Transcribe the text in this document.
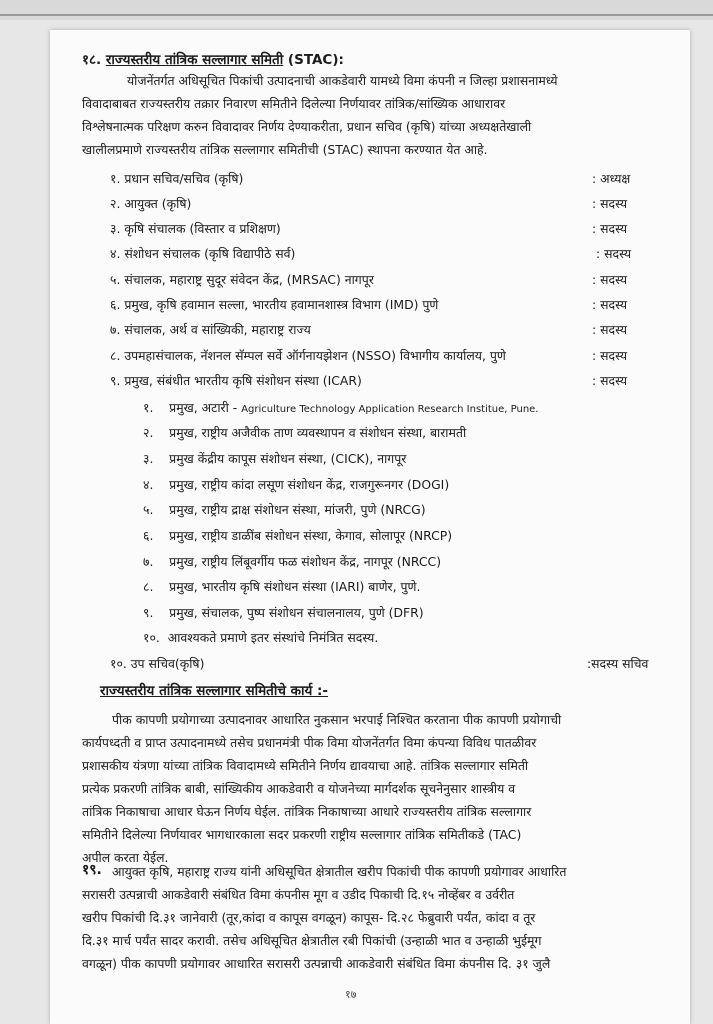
१८. राज्यस्तरीय तांत्रिक सल्लागार समिती (STAC):
योजनेंतर्गत अधिसूचित पिकांची उत्पादनाची आकडेवारी यामध्ये विमा कंपनी न जिल्हा प्रशासनामध्ये
विवादाबाबत राज्यस्तरीय तक्रार निवारण समितीने दिलेल्या निर्णयावर तांत्रिक/सांख्यिक आधारावर
विश्लेषनात्मक परिक्षण करुन विवादावर निर्णय देण्याकरीता, प्रधान सचिव (कृषि) यांच्या अध्यक्षतेखाली
खालीलप्रमाणे राज्यस्तरीय तांत्रिक सल्लागार समितीची (STAC) स्थापना करण्यात येत आहे.
१. प्रधान सचिव/सचिव (कृषि)	: अध्यक्ष
२. आयुक्त (कृषि)	: सदस्य
३. कृषि संचालक (विस्तार व प्रशिक्षण)	: सदस्य
४. संशोधन संचालक (कृषि विद्यापीठे सर्व)	: सदस्य
५. संचालक, महाराष्ट्र सुदूर संवेदन केंद्र, (MRSAC) नागपूर	: सदस्य
६. प्रमुख, कृषि हवामान सल्ला, भारतीय हवामानशास्त्र विभाग (IMD) पुणे	: सदस्य
७. संचालक, अर्थ व सांख्यिकी, महाराष्ट्र राज्य	: सदस्य
८. उपमहासंचालक, नॅशनल सॅम्पल सर्वे ऑर्गनायझेशन (NSSO) विभागीय कार्यालय, पुणे	: सदस्य
९. प्रमुख, संबंधीत भारतीय कृषि संशोधन संस्था (ICAR)	: सदस्य
१. प्रमुख, अटारी - Agriculture Technology Application Research Institue, Pune.
२. प्रमुख, राष्ट्रीय अजैवीक ताण व्यवस्थापन व संशोधन संस्था, बारामती
३. प्रमुख केंद्रीय कापूस संशोधन संस्था, (CICK), नागपूर
४. प्रमुख, राष्ट्रीय कांदा लसूण संशोधन केंद्र, राजगुरूनगर (DOGI)
५. प्रमुख, राष्ट्रीय द्राक्ष संशोधन संस्था, मांजरी, पुणे (NRCG)
६. प्रमुख, राष्ट्रीय डाळींब संशोधन संस्था, केगाव, सोलापूर (NRCP)
७. प्रमुख, राष्ट्रीय लिंबूवर्गीय फळ संशोधन केंद्र, नागपूर (NRCC)
८. प्रमुख, भारतीय कृषि संशोधन संस्था (IARI) बाणेर, पुणे.
९. प्रमुख, संचालक, पुष्प संशोधन संचालनालय, पुणे (DFR)
१०. आवश्यकते प्रमाणे इतर संस्थांचे निमंत्रित सदस्य.
१०. उप सचिव(कृषि)	:सदस्य सचिव
राज्यस्तरीय तांत्रिक सल्लागार समितीचे कार्य :-
पीक कापणी प्रयोगाच्या उत्पादनावर आधारित नुकसान भरपाई निश्चित करताना पीक कापणी प्रयोगाची
कार्यपध्दती व प्राप्त उत्पादनामध्ये तसेच प्रधानमंत्री पीक विमा योजनेंतर्गत विमा कंपन्या विविध पातळीवर
प्रशासकीय यंत्रणा यांच्या तांत्रिक विवादामध्ये समितीने निर्णय द्यावयाचा आहे. तांत्रिक सल्लागार समिती
प्रत्येक प्रकरणी तांत्रिक बाबी, सांख्यिकीय आकडेवारी व योजनेच्या मार्गदर्शक सूचनेनुसार शास्त्रीय व
तांत्रिक निकाषाचा आधार घेऊन निर्णय घेईल. तांत्रिक निकाषाच्या आधारे राज्यस्तरीय तांत्रिक सल्लागार
समितीने दिलेल्या निर्णयावर भागधारकाला सदर प्रकरणी राष्ट्रीय सल्लागार तांत्रिक समितीकडे (TAC)
अपील करता येईल.
१९. आयुक्त कृषि, महाराष्ट्र राज्य यांनी अधिसूचित क्षेत्रातील खरीप पिकांची पीक कापणी प्रयोगावर आधारित
सरासरी उत्पन्नाची आकडेवारी संबंधित विमा कंपनीस मूग व उडीद पिकाची दि.१५ नोव्हेंबर व उर्वरीत
खरीप पिकांची दि.३१ जानेवारी (तूर,कांदा व कापूस वगळून) कापूस- दि.२८ फेब्रुवारी पर्यंत, कांदा व तूर
दि.३१ मार्च पर्यंत सादर करावी. तसेच अधिसूचित क्षेत्रातील रबी पिकांची (उन्हाळी भात व उन्हाळी भुईमूग
वगळून) पीक कापणी प्रयोगावर आधारित सरासरी उत्पन्नाची आकडेवारी संबंधित विमा कंपनीस दि. ३१ जुलै
१७
